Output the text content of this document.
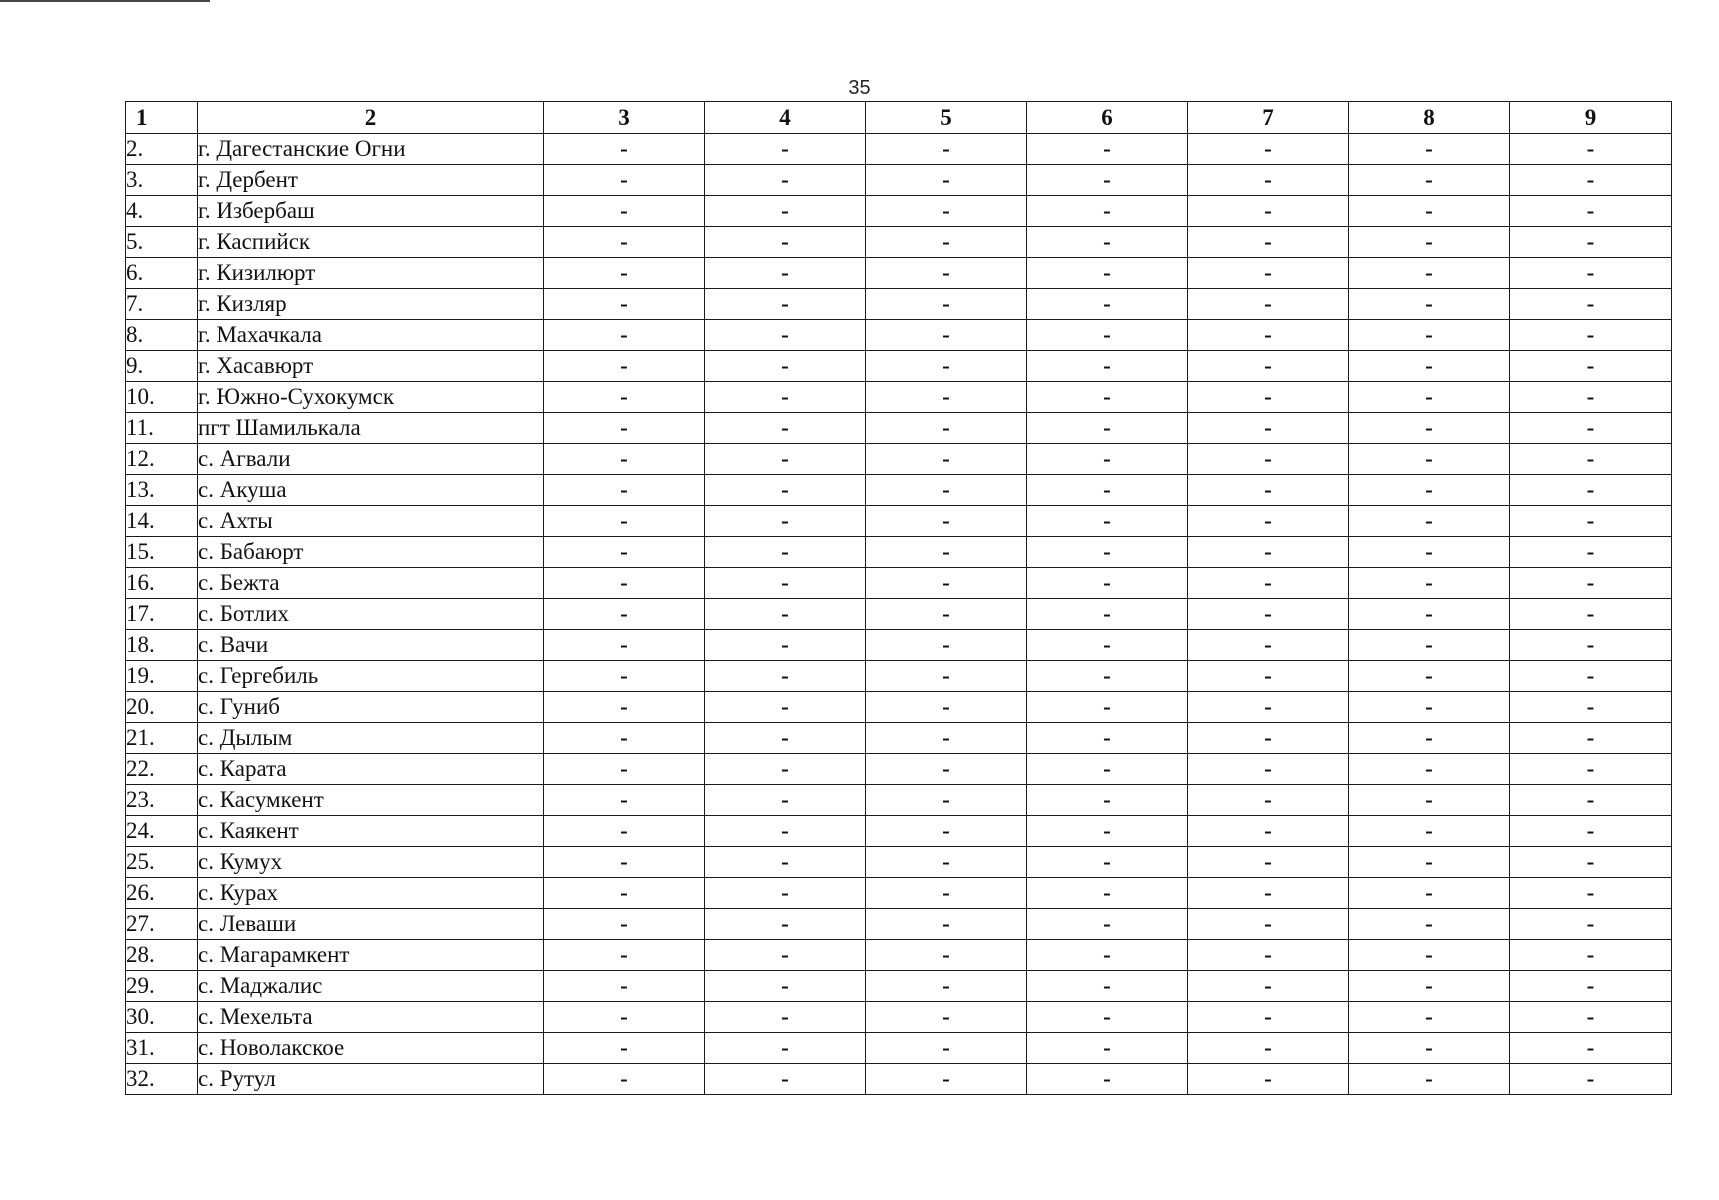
35
1	2	3	4	5	6	7	8	9
2.	г. Дагестанские Огни	-	-	-	-	-	-	-
3.	г. Дербент	-	-	-	-	-	-	-
4.	г. Избербаш	-	-	-	-	-	-	-
5.	г. Каспийск	-	-	-	-	-	-	-
6.	г. Кизилюрт	-	-	-	-	-	-	-
7.	г. Кизляр	-	-	-	-	-	-	-
8.	г. Махачкала	-	-	-	-	-	-	-
9.	г. Хасавюрт	-	-	-	-	-	-	-
10.	г. Южно-Сухокумск	-	-	-	-	-	-	-
11.	пгт Шамилькала	-	-	-	-	-	-	-
12.	с. Агвали	-	-	-	-	-	-	-
13.	с. Акуша	-	-	-	-	-	-	-
14.	с. Ахты	-	-	-	-	-	-	-
15.	с. Бабаюрт	-	-	-	-	-	-	-
16.	с. Бежта	-	-	-	-	-	-	-
17.	с. Ботлих	-	-	-	-	-	-	-
18.	с. Вачи	-	-	-	-	-	-	-
19.	с. Гергебиль	-	-	-	-	-	-	-
20.	с. Гуниб	-	-	-	-	-	-	-
21.	с. Дылым	-	-	-	-	-	-	-
22.	с. Карата	-	-	-	-	-	-	-
23.	с. Касумкент	-	-	-	-	-	-	-
24.	с. Каякент	-	-	-	-	-	-	-
25.	с. Кумух	-	-	-	-	-	-	-
26.	с. Курах	-	-	-	-	-	-	-
27.	с. Леваши	-	-	-	-	-	-	-
28.	с. Магарамкент	-	-	-	-	-	-	-
29.	с. Маджалис	-	-	-	-	-	-	-
30.	с. Мехельта	-	-	-	-	-	-	-
31.	с. Новолакское	-	-	-	-	-	-	-
32.	с. Рутул	-	-	-	-	-	-	-
